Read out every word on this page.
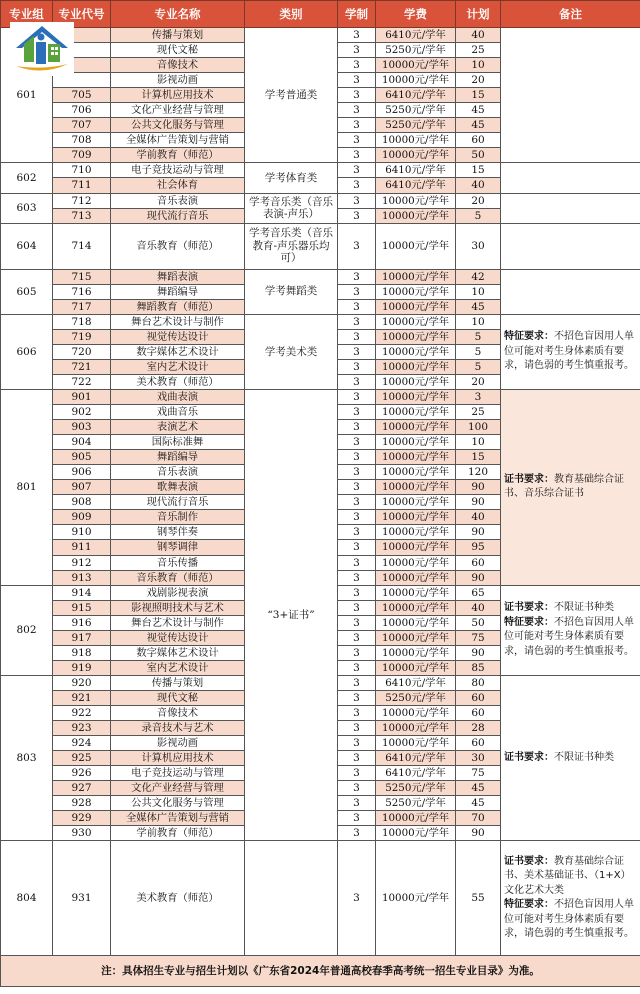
专业组	专业代号	专业名称	类别	学制	学费	计划	备注
601		传播与策划	学考普通类	3	6410元/学年	40	
		现代文秘		3	5250元/学年	25	
		音像技术		3	10000元/学年	10	
		影视动画		3	10000元/学年	20	
	705	计算机应用技术		3	6410元/学年	15	
	706	文化产业经营与管理		3	5250元/学年	45	
	707	公共文化服务与管理		3	5250元/学年	45	
	708	全媒体广告策划与营销		3	10000元/学年	60	
	709	学前教育（师范）		3	10000元/学年	50	
602	710	电子竞技运动与管理	学考体育类	3	6410元/学年	15	
	711	社会体育		3	6410元/学年	40	
603	712	音乐表演	学考音乐类（音乐表演-声乐）	3	10000元/学年	20	
	713	现代流行音乐		3	10000元/学年	5	
604	714	音乐教育（师范）	学考音乐类（音乐教育-声乐器乐均可）	3	10000元/学年	30	
605	715	舞蹈表演	学考舞蹈类	3	10000元/学年	42	
	716	舞蹈编导		3	10000元/学年	10	
	717	舞蹈教育（师范）		3	10000元/学年	45	
606	718	舞台艺术设计与制作	学考美术类	3	10000元/学年	10	特征要求：不招色盲因用人单位可能对考生身体素质有要求，请色弱的考生慎重报考。
	719	视觉传达设计		3	10000元/学年	5	
	720	数字媒体艺术设计		3	10000元/学年	5	
	721	室内艺术设计		3	10000元/学年	5	
	722	美术教育（师范）		3	10000元/学年	20	
801	901	戏曲表演	“3+证书”	3	10000元/学年	3	证书要求：教育基础综合证书、音乐综合证书
	902	戏曲音乐		3	10000元/学年	25	
	903	表演艺术		3	10000元/学年	100	
	904	国际标准舞		3	10000元/学年	10	
	905	舞蹈编导		3	10000元/学年	15	
	906	音乐表演		3	10000元/学年	120	
	907	歌舞表演		3	10000元/学年	90	
	908	现代流行音乐		3	10000元/学年	90	
	909	音乐制作		3	10000元/学年	40	
	910	钢琴伴奏		3	10000元/学年	90	
	911	钢琴调律		3	10000元/学年	95	
	912	音乐传播		3	10000元/学年	60	
	913	音乐教育（师范）		3	10000元/学年	90	
802	914	戏剧影视表演		3	10000元/学年	65	证书要求：不限证书种类
特征要求：不招色盲因用人单位可能对考生身体素质有要求，请色弱的考生慎重报考。
	915	影视照明技术与艺术		3	10000元/学年	40	
	916	舞台艺术设计与制作		3	10000元/学年	50	
	917	视觉传达设计		3	10000元/学年	75	
	918	数字媒体艺术设计		3	10000元/学年	90	
	919	室内艺术设计		3	10000元/学年	85	
803	920	传播与策划		3	6410元/学年	80	证书要求：不限证书种类
	921	现代文秘		3	5250元/学年	60	
	922	音像技术		3	10000元/学年	60	
	923	录音技术与艺术		3	10000元/学年	28	
	924	影视动画		3	10000元/学年	60	
	925	计算机应用技术		3	6410元/学年	30	
	926	电子竞技运动与管理		3	6410元/学年	75	
	927	文化产业经营与管理		3	5250元/学年	45	
	928	公共文化服务与管理		3	5250元/学年	45	
	929	全媒体广告策划与营销		3	10000元/学年	70	
	930	学前教育（师范）		3	10000元/学年	90	
804	931	美术教育（师范）		3	10000元/学年	55	证书要求：教育基础综合证书、美术基础证书、（1+X）文化艺术大类
特征要求：不招色盲因用人单位可能对考生身体素质有要求，请色弱的考生慎重报考。
注：具体招生专业与招生计划以《广东省2024年普通高校春季高考统一招生专业目录》为准。							
